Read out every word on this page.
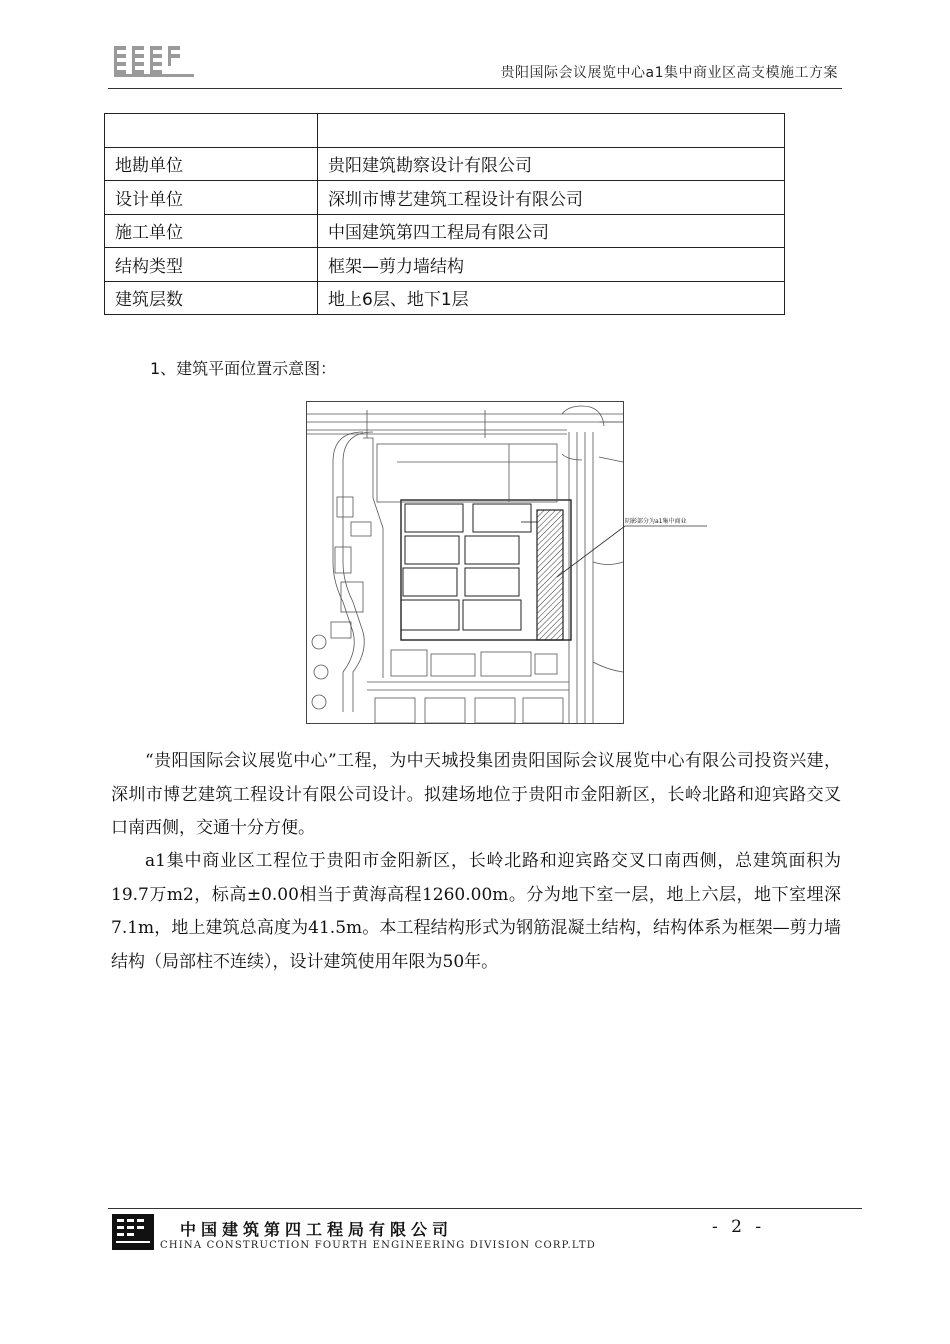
贵阳国际会议展览中心a1集中商业区高支模施工方案

地勘单位	贵阳建筑勘察设计有限公司
设计单位	深圳市博艺建筑工程设计有限公司
施工单位	中国建筑第四工程局有限公司
结构类型	框架—剪力墙结构
建筑层数	地上6层、地下1层
1、建筑平面位置示意图：
阴影部分为a1集中商业

“贵阳国际会议展览中心”工程，为中天城投集团贵阳国际会议展览中心有限公司投资兴建，深圳市博艺建筑工程设计有限公司设计。拟建场地位于贵阳市金阳新区，长岭北路和迎宾路交叉口南西侧，交通十分方便。

a1集中商业区工程位于贵阳市金阳新区，长岭北路和迎宾路交叉口南西侧，总建筑面积为19.7万m2，标高±0.00相当于黄海高程1260.00m。分为地下室一层，地上六层，地下室埋深7.1m，地上建筑总高度为41.5m。本工程结构形式为钢筋混凝土结构，结构体系为框架—剪力墙结构（局部柱不连续），设计建筑使用年限为50年。

中国建筑第四工程局有限公司
CHINA CONSTRUCTION FOURTH ENGINEERING DIVISION CORP.LTD
- 2 -
